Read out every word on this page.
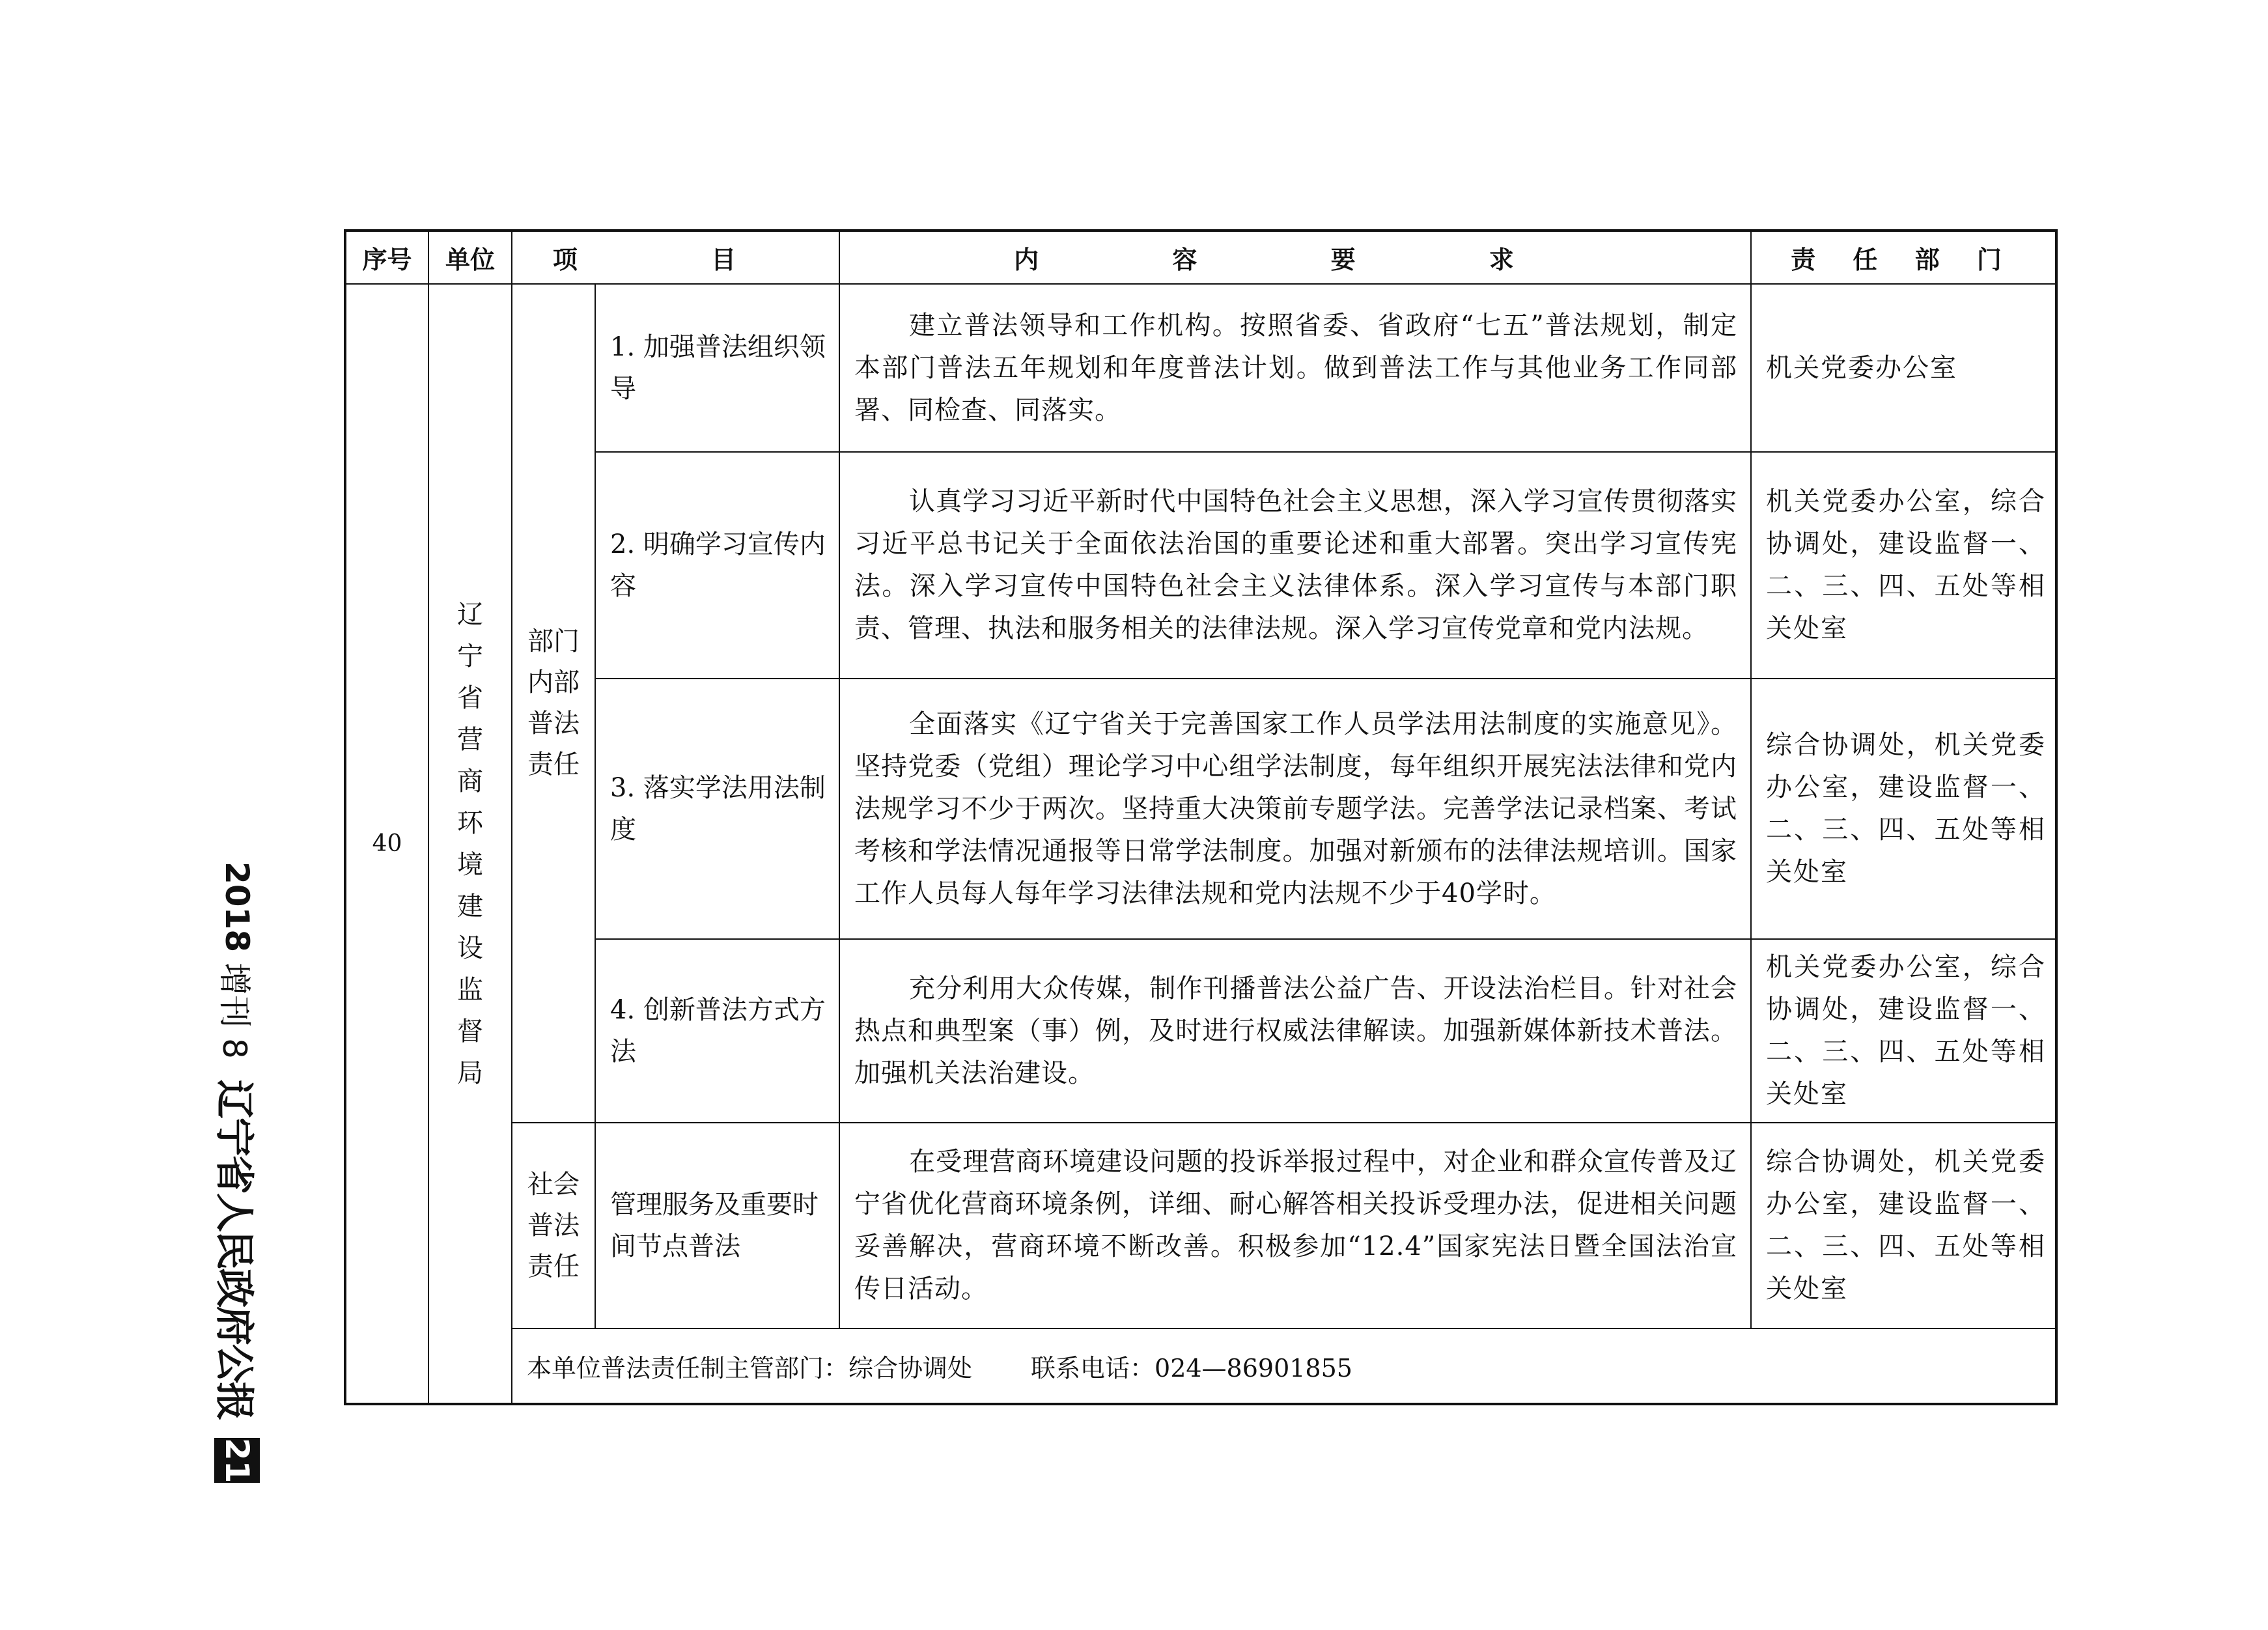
序号	单位	项 目		内 容 要 求	责 任 部 门
40	辽宁省营商环境建设监督局	部门内部普法责任	1. 加强普法组织领导	建立普法领导和工作机构。按照省委、省政府“七五”普法规划，制定本部门普法五年规划和年度普法计划。做到普法工作与其他业务工作同部署、同检查、同落实。	机关党委办公室
			2. 明确学习宣传内容	认真学习习近平新时代中国特色社会主义思想，深入学习宣传贯彻落实习近平总书记关于全面依法治国的重要论述和重大部署。突出学习宣传宪法。深入学习宣传中国特色社会主义法律体系。深入学习宣传与本部门职责、管理、执法和服务相关的法律法规。深入学习宣传党章和党内法规。	机关党委办公室，综合协调处，建设监督一、二、三、四、五处等相关处室
			3. 落实学法用法制度	全面落实《辽宁省关于完善国家工作人员学法用法制度的实施意见》。坚持党委（党组）理论学习中心组学法制度，每年组织开展宪法法律和党内法规学习不少于两次。坚持重大决策前专题学法。完善学法记录档案、考试考核和学法情况通报等日常学法制度。加强对新颁布的法律法规培训。国家工作人员每人每年学习法律法规和党内法规不少于40学时。	综合协调处，机关党委办公室，建设监督一、二、三、四、五处等相关处室
			4. 创新普法方式方法	充分利用大众传媒，制作刊播普法公益广告、开设法治栏目。针对社会热点和典型案（事）例，及时进行权威法律解读。加强新媒体新技术普法。加强机关法治建设。	机关党委办公室，综合协调处，建设监督一、二、三、四、五处等相关处室
		社会普法责任	管理服务及重要时间节点普法	在受理营商环境建设问题的投诉举报过程中，对企业和群众宣传普及辽宁省优化营商环境条例，详细、耐心解答相关投诉受理办法，促进相关问题妥善解决，营商环境不断改善。积极参加“12.4”国家宪法日暨全国法治宣传日活动。	综合协调处，机关党委办公室，建设监督一、二、三、四、五处等相关处室
		本单位普法责任制主管部门：综合协调处 联系电话：024—86901855			
2018
增刊 8
辽宁省人民政府公报
21
